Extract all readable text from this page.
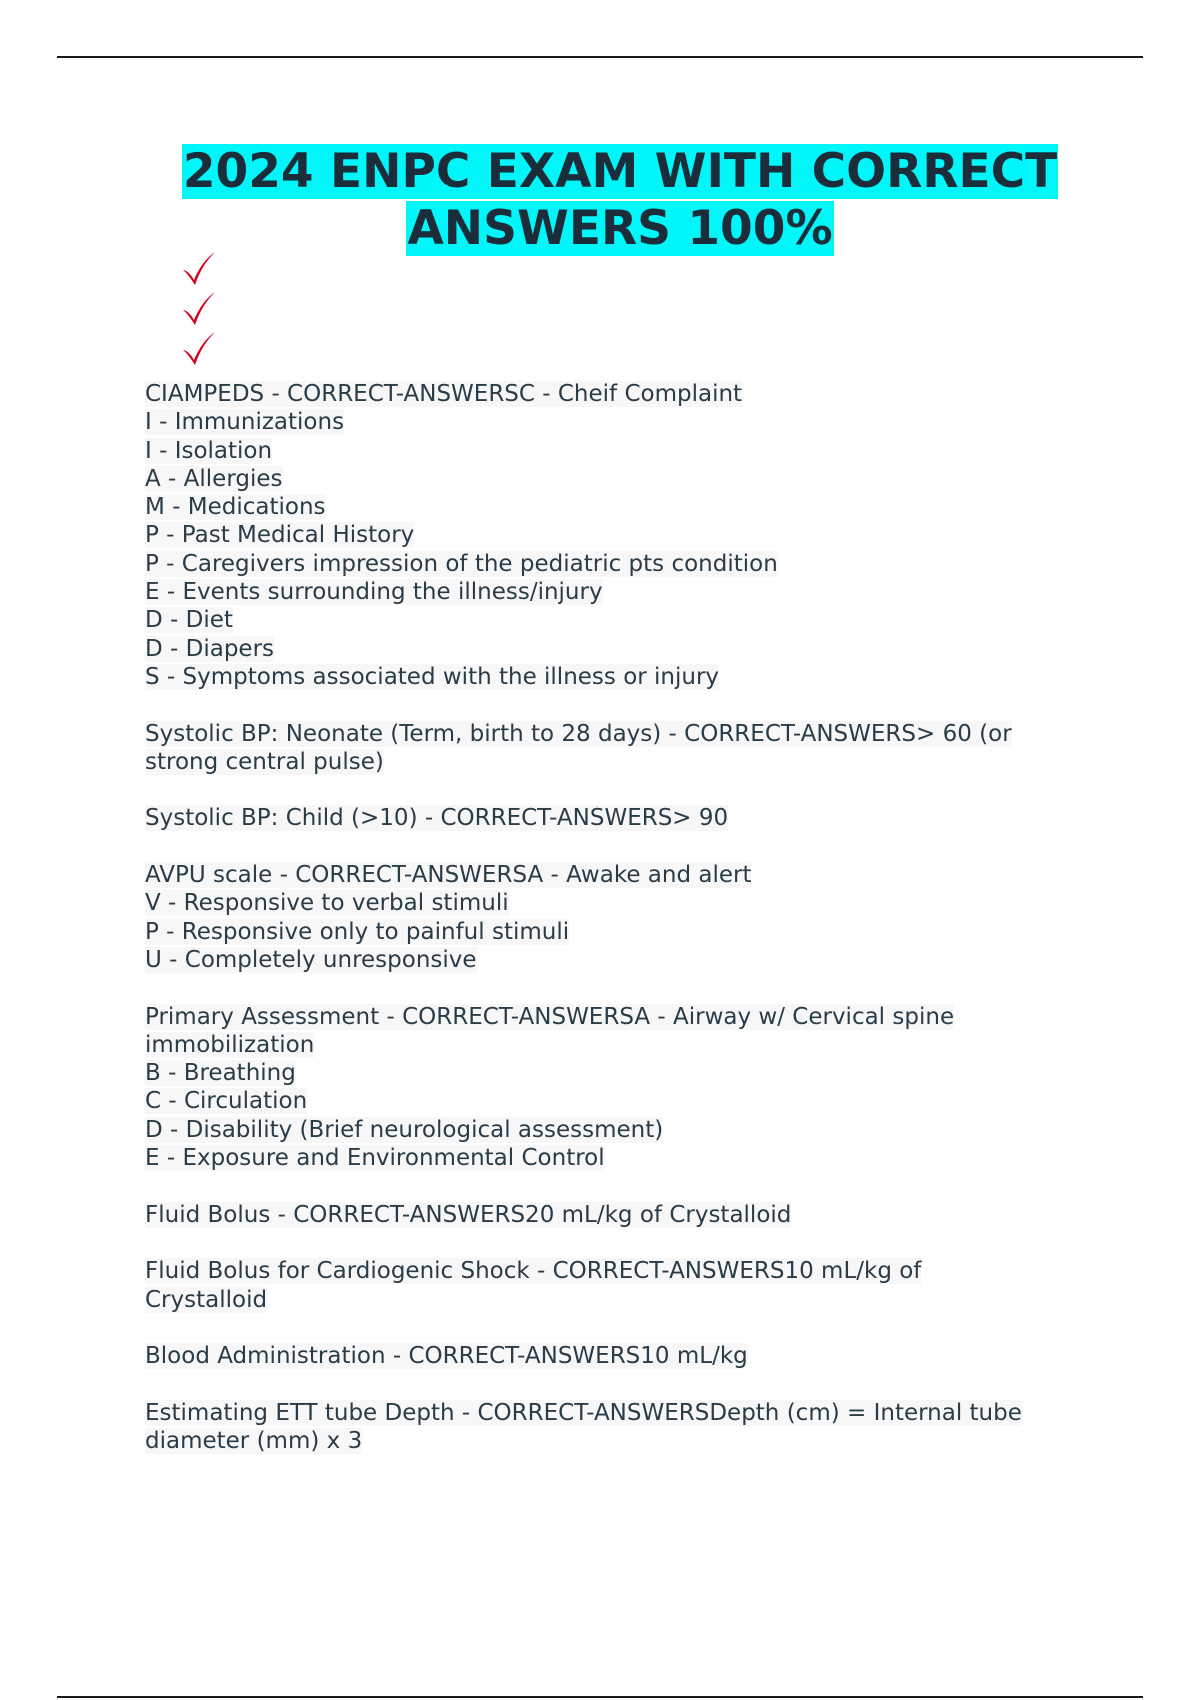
2024 ENPC EXAM WITH CORRECT
ANSWERS 100%
CIAMPEDS - CORRECT-ANSWERSC - Cheif Complaint
I - Immunizations
I - Isolation
A - Allergies
M - Medications
P - Past Medical History
P - Caregivers impression of the pediatric pts condition
E - Events surrounding the illness/injury
D - Diet
D - Diapers
S - Symptoms associated with the illness or injury
Systolic BP: Neonate (Term, birth to 28 days) - CORRECT-ANSWERS> 60 (or
strong central pulse)
Systolic BP: Child (>10) - CORRECT-ANSWERS> 90
AVPU scale - CORRECT-ANSWERSA - Awake and alert
V - Responsive to verbal stimuli
P - Responsive only to painful stimuli
U - Completely unresponsive
Primary Assessment - CORRECT-ANSWERSA - Airway w/ Cervical spine
immobilization
B - Breathing
C - Circulation
D - Disability (Brief neurological assessment)
E - Exposure and Environmental Control
Fluid Bolus - CORRECT-ANSWERS20 mL/kg of Crystalloid
Fluid Bolus for Cardiogenic Shock - CORRECT-ANSWERS10 mL/kg of
Crystalloid
Blood Administration - CORRECT-ANSWERS10 mL/kg
Estimating ETT tube Depth - CORRECT-ANSWERSDepth (cm) = Internal tube
diameter (mm) x 3
